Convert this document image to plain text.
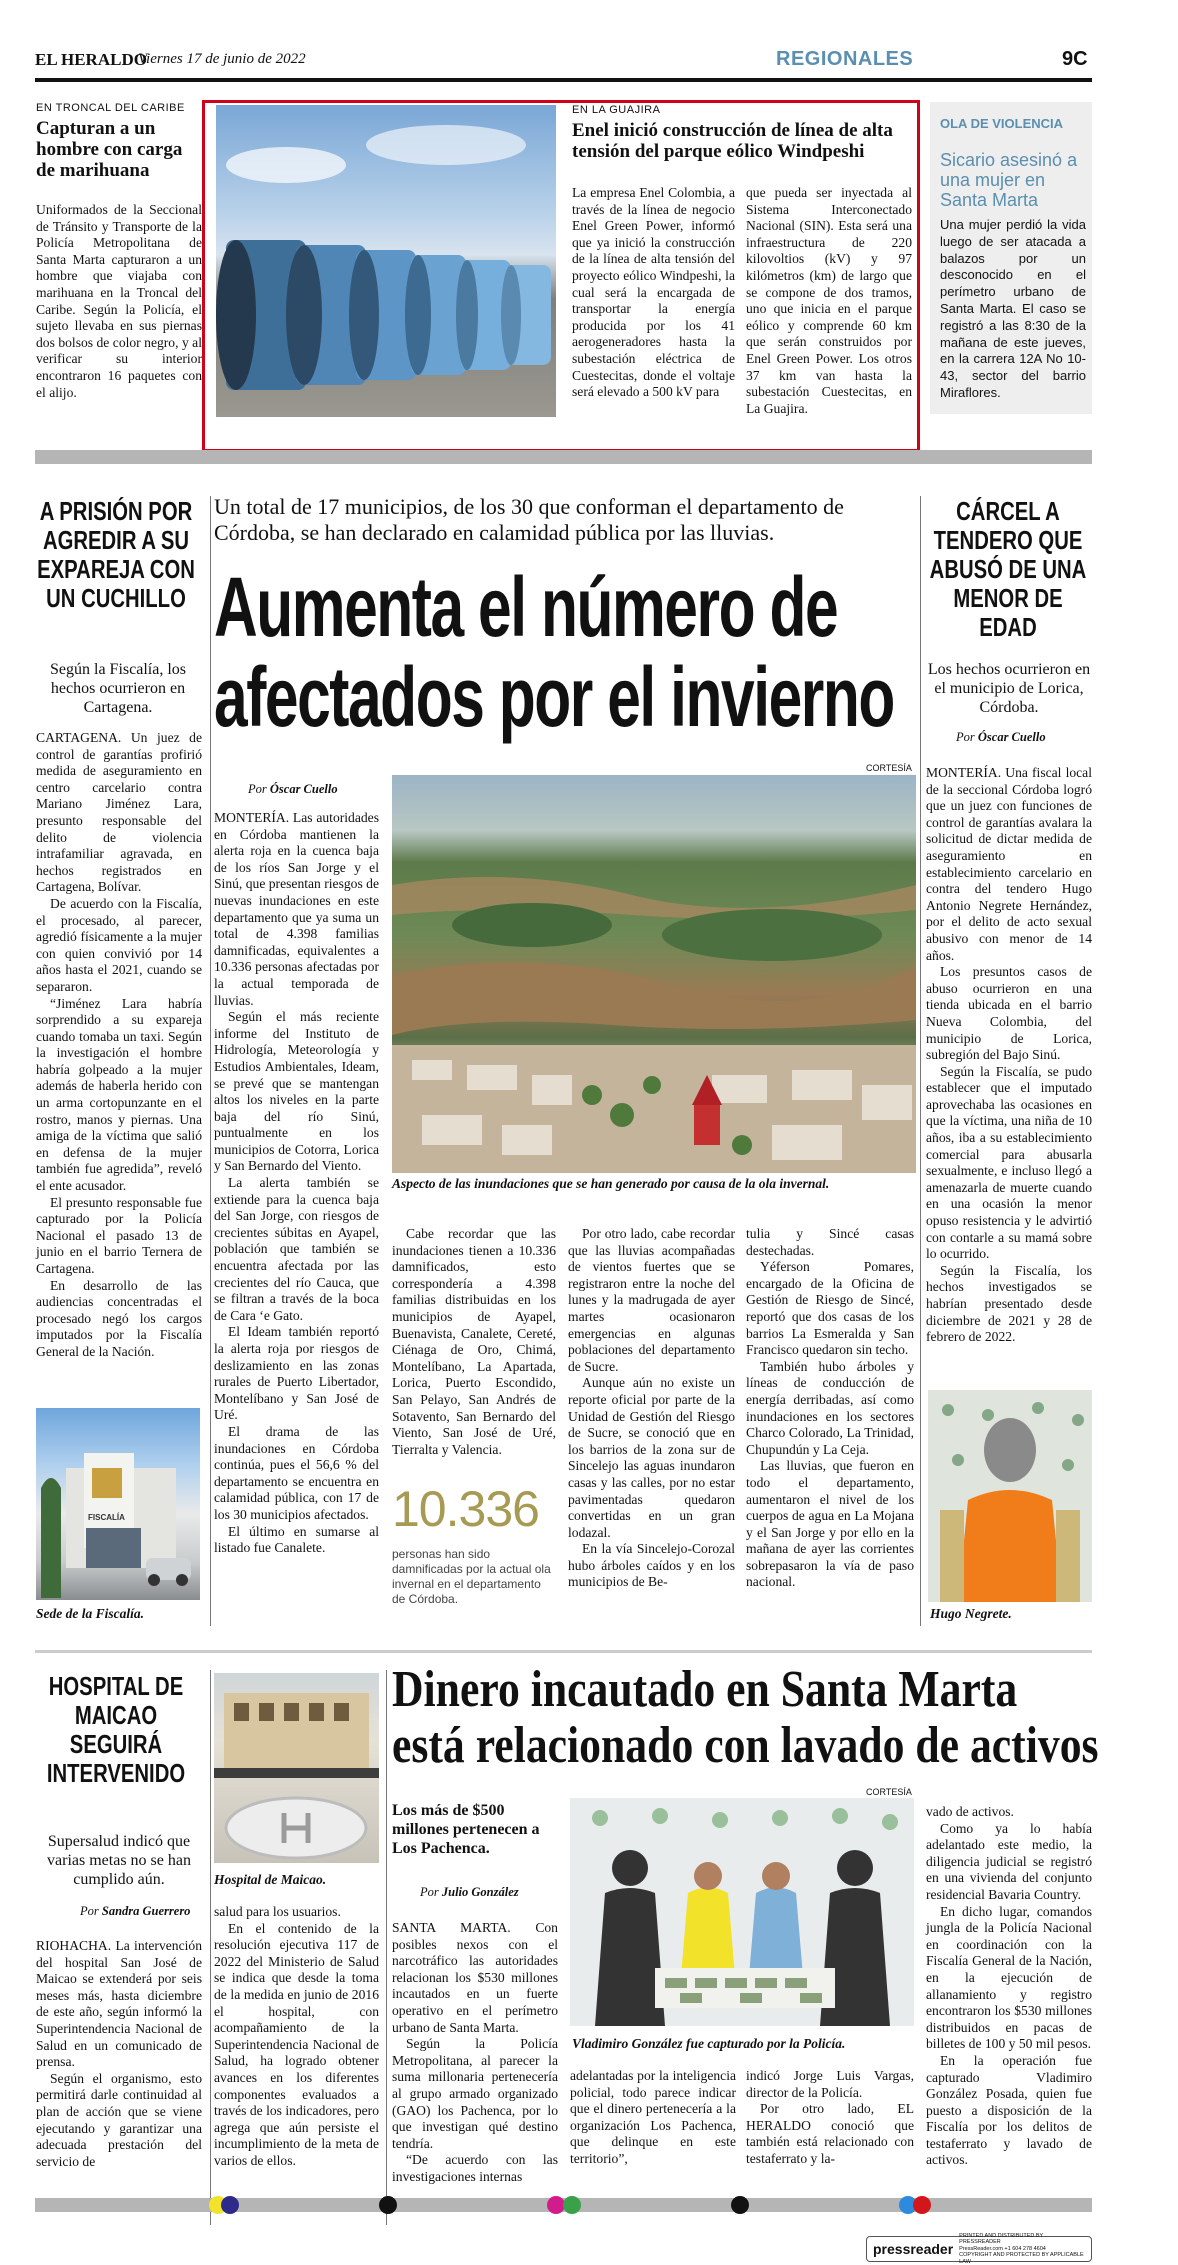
EL HERALDO
Viernes 17 de junio de 2022	REGIONALES	9C
EN TRONCAL DEL CARIBE
Capturan a un hombre con carga de marihuana
Uniformados de la Seccional de Tránsito y Transporte de la Policía Metropolitana de Santa Marta capturaron a un hombre que viajaba con marihuana en la Troncal del Caribe. Según la Policía, el sujeto llevaba en sus piernas dos bolsos de color negro, y al verificar su interior encontraron 16 paquetes con el alijo.
EN LA GUAJIRA
Enel inició construcción de línea de alta tensión del parque eólico Windpeshi
La empresa Enel Colombia, a través de la línea de negocio Enel Green Power, informó que ya inició la construcción de la línea de alta tensión del proyecto eólico Windpeshi, la cual será la encargada de transportar la energía producida por los 41 aerogeneradores hasta la subestación eléctrica de Cuestecitas, donde el voltaje será elevado a 500 kV para
que pueda ser inyectada al Sistema Interconectado Nacional (SIN). Esta será una infraestructura de 220 kilovoltios (kV) y 97 kilómetros (km) de largo que se compone de dos tramos, uno que inicia en el parque eólico y comprende 60 km que serán construidos por Enel Green Power. Los otros 37 km van hasta la subestación Cuestecitas, en La Guajira.
OLA DE VIOLENCIA
Sicario asesinó a una mujer en Santa Marta
Una mujer perdió la vida luego de ser atacada a balazos por un desconocido en el perímetro urbano de Santa Marta. El caso se registró a las 8:30 de la mañana de este jueves, en la carrera 12A No 10-43, sector del barrio Miraflores.
A PRISIÓN POR AGREDIR A SU EXPAREJA CON UN CUCHILLO
Según la Fiscalía, los hechos ocurrieron en Cartagena.

CARTAGENA. Un juez de control de garantías profirió medida de aseguramiento en centro carcelario contra Mariano Jiménez Lara, presunto responsable del delito de violencia intrafamiliar agravada, en hechos registrados en Cartagena, Bolívar.

De acuerdo con la Fiscalía, el procesado, al parecer, agredió físicamente a la mujer con quien convivió por 14 años hasta el 2021, cuando se separaron.

“Jiménez Lara habría sorprendido a su expareja cuando tomaba un taxi. Según la investigación el hombre habría golpeado a la mujer además de haberla herido con un arma cortopunzante en el rostro, manos y piernas. Una amiga de la víctima que salió en defensa de la mujer también fue agredida”, reveló el ente acusador.

El presunto responsable fue capturado por la Policía Nacional el pasado 13 de junio en el barrio Ternera de Cartagena.

En desarrollo de las audiencias concentradas el procesado negó los cargos imputados por la Fiscalía General de la Nación.

FISCALÍA
Sede de la Fiscalía.
Un total de 17 municipios, de los 30 que conforman el departamento de Córdoba, se han declarado en calamidad pública por las lluvias.
Aumenta el número de
afectados por el invierno
Por Óscar Cuello
CORTESÍA
Aspecto de las inundaciones que se han generado por causa de la ola invernal.

MONTERÍA. Las autoridades en Córdoba mantienen la alerta roja en la cuenca baja de los ríos San Jorge y el Sinú, que presentan riesgos de nuevas inundaciones en este departamento que ya suma un total de 4.398 familias damnificadas, equivalentes a 10.336 personas afectadas por la actual temporada de lluvias.

Según el más reciente informe del Instituto de Hidrología, Meteorología y Estudios Ambientales, Ideam, se prevé que se mantengan altos los niveles en la parte baja del río Sinú, puntualmente en los municipios de Cotorra, Lorica y San Bernardo del Viento.

La alerta también se extiende para la cuenca baja del San Jorge, con riesgos de crecientes súbitas en Ayapel, población que también se encuentra afectada por las crecientes del río Cauca, que se filtran a través de la boca de Cara ‘e Gato.

El Ideam también reportó la alerta roja por riesgos de deslizamiento en las zonas rurales de Puerto Libertador, Montelíbano y San José de Uré.

El drama de las inundaciones en Córdoba continúa, pues el 56,6 % del departamento se encuentra en calamidad pública, con 17 de los 30 municipios afectados.

El último en sumarse al listado fue Canalete.

Cabe recordar que las inundaciones tienen a 10.336 damnificados, esto correspondería a 4.398 familias distribuidas en los municipios de Ayapel, Buenavista, Canalete, Cereté, Ciénaga de Oro, Chimá, Montelíbano, La Apartada, Lorica, Puerto Escondido, San Pelayo, San Andrés de Sotavento, San Bernardo del Viento, San José de Uré, Tierralta y Valencia.

10.336
personas han sido damnificadas por la actual ola invernal en el departamento de Córdoba.

Por otro lado, cabe recordar que las lluvias acompañadas de vientos fuertes que se registraron entre la noche del lunes y la madrugada de ayer martes ocasionaron emergencias en algunas poblaciones del departamento de Sucre.

Aunque aún no existe un reporte oficial por parte de la Unidad de Gestión del Riesgo de Sucre, se conoció que en los barrios de la zona sur de Sincelejo las aguas inundaron casas y las calles, por no estar pavimentadas quedaron convertidas en un gran lodazal.

En la vía Sincelejo-Corozal hubo árboles caídos y en los municipios de Be-

tulia y Sincé casas destechadas.

Yéferson Pomares, encargado de la Oficina de Gestión de Riesgo de Sincé, reportó que dos casas de los barrios La Esmeralda y San Francisco quedaron sin techo.

También hubo árboles y líneas de conducción de energía derribadas, así como inundaciones en los sectores Charco Colorado, La Trinidad, Chupundún y La Ceja.

Las lluvias, que fueron en todo el departamento, aumentaron el nivel de los cuerpos de agua en La Mojana y el San Jorge y por ello en la mañana de ayer las corrientes sobrepasaron la vía de paso nacional.

CÁRCEL A TENDERO QUE ABUSÓ DE UNA MENOR DE EDAD
Los hechos ocurrieron en el municipio de Lorica, Córdoba.
Por Óscar Cuello

MONTERÍA. Una fiscal local de la seccional Córdoba logró que un juez con funciones de control de garantías avalara la solicitud de dictar medida de aseguramiento en establecimiento carcelario en contra del tendero Hugo Antonio Negrete Hernández, por el delito de acto sexual abusivo con menor de 14 años.

Los presuntos casos de abuso ocurrieron en una tienda ubicada en el barrio Nueva Colombia, del municipio de Lorica, subregión del Bajo Sinú.

Según la Fiscalía, se pudo establecer que el imputado aprovechaba las ocasiones en que la víctima, una niña de 10 años, iba a su establecimiento comercial para abusarla sexualmente, e incluso llegó a amenazarla de muerte cuando en una ocasión la menor opuso resistencia y le advirtió con contarle a su mamá sobre lo ocurrido.

Según la Fiscalía, los hechos investigados se habrían presentado desde diciembre de 2021 y 28 de febrero de 2022.

Hugo Negrete.
HOSPITAL DE MAICAO SEGUIRÁ INTERVENIDO
Supersalud indicó que varias metas no se han cumplido aún.
Por Sandra Guerrero

RIOHACHA. La intervención del hospital San José de Maicao se extenderá por seis meses más, hasta diciembre de este año, según informó la Superintendencia Nacional de Salud en un comunicado de prensa.

Según el organismo, esto permitirá darle continuidad al plan de acción que se viene ejecutando y garantizar una adecuada prestación del servicio de

Hospital de Maicao.

salud para los usuarios.

En el contenido de la resolución ejecutiva 117 de 2022 del Ministerio de Salud se indica que desde la toma de la medida en junio de 2016 el hospital, con acompañamiento de la Superintendencia Nacional de Salud, ha logrado obtener avances en los diferentes componentes evaluados a través de los indicadores, pero agrega que aún persiste el incumplimiento de la meta de varios de ellos.

Dinero incautado en Santa Marta
está relacionado con lavado de activos
Los más de $500 millones pertenecen a Los Pachenca.
Por Julio González
CORTESÍA
Vladimiro González fue capturado por la Policía.

SANTA MARTA. Con posibles nexos con el narcotráfico las autoridades relacionan los $530 millones incautados en un fuerte operativo en el perímetro urbano de Santa Marta.

Según la Policía Metropolitana, al parecer la suma millonaria pertenecería al grupo armado organizado (GAO) los Pachenca, por lo que investigan qué destino tendría.

“De acuerdo con las investigaciones internas

adelantadas por la inteligencia policial, todo parece indicar que el dinero pertenecería a la organización Los Pachenca, que delinque en este territorio”,

indicó Jorge Luis Vargas, director de la Policía.

Por otro lado, EL HERALDO conoció que también está relacionado con testaferrato y la-

vado de activos.

Como ya lo había adelantado este medio, la diligencia judicial se registró en una vivienda del conjunto residencial Bavaria Country.

En dicho lugar, comandos jungla de la Policía Nacional en coordinación con la Fiscalía General de la Nación, en la ejecución de allanamiento y registro encontraron los $530 millones distribuidos en pacas de billetes de 100 y 50 mil pesos.

En la operación fue capturado Vladimiro González Posada, quien fue puesto a disposición de la Fiscalía por los delitos de testaferrato y lavado de activos.

pressreader
PRINTED AND DISTRIBUTED BY PRESSREADER
PressReader.com +1 604 278 4604
COPYRIGHT AND PROTECTED BY APPLICABLE LAW
